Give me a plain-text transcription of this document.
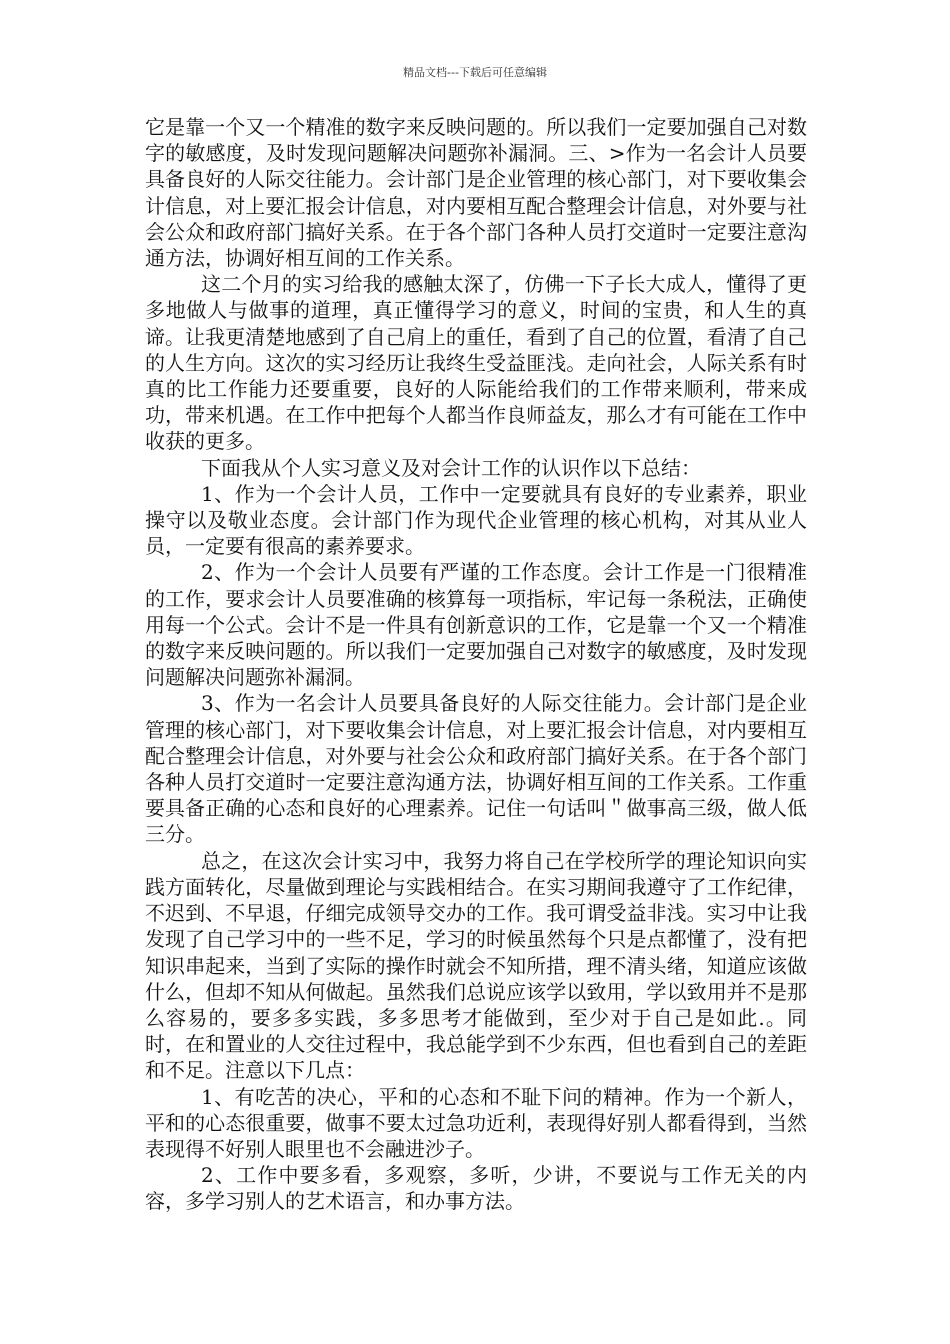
精品文档---下载后可任意编辑

它是靠一个又一个精准的数字来反映问题的。所以我们一定要加强自己对数字的敏感度，及时发现问题解决问题弥补漏洞。三、>作为一名会计人员要具备良好的人际交往能力。会计部门是企业管理的核心部门，对下要收集会计信息，对上要汇报会计信息，对内要相互配合整理会计信息，对外要与社会公众和政府部门搞好关系。在于各个部门各种人员打交道时一定要注意沟通方法，协调好相互间的工作关系。

这二个月的实习给我的感触太深了，仿佛一下子长大成人，懂得了更多地做人与做事的道理，真正懂得学习的意义，时间的宝贵，和人生的真谛。让我更清楚地感到了自己肩上的重任，看到了自己的位置，看清了自己的人生方向。这次的实习经历让我终生受益匪浅。走向社会，人际关系有时真的比工作能力还要重要，良好的人际能给我们的工作带来顺利，带来成功，带来机遇。在工作中把每个人都当作良师益友，那么才有可能在工作中收获的更多。

下面我从个人实习意义及对会计工作的认识作以下总结：

1、作为一个会计人员，工作中一定要就具有良好的专业素养，职业操守以及敬业态度。会计部门作为现代企业管理的核心机构，对其从业人员，一定要有很高的素养要求。

2、作为一个会计人员要有严谨的工作态度。会计工作是一门很精准的工作，要求会计人员要准确的核算每一项指标，牢记每一条税法，正确使用每一个公式。会计不是一件具有创新意识的工作，它是靠一个又一个精准的数字来反映问题的。所以我们一定要加强自己对数字的敏感度，及时发现问题解决问题弥补漏洞。

3、作为一名会计人员要具备良好的人际交往能力。会计部门是企业管理的核心部门，对下要收集会计信息，对上要汇报会计信息，对内要相互配合整理会计信息，对外要与社会公众和政府部门搞好关系。在于各个部门各种人员打交道时一定要注意沟通方法，协调好相互间的工作关系。工作重要具备正确的心态和良好的心理素养。记住一句话叫＂做事高三级，做人低三分。

总之，在这次会计实习中，我努力将自己在学校所学的理论知识向实践方面转化，尽量做到理论与实践相结合。在实习期间我遵守了工作纪律，不迟到、不早退，仔细完成领导交办的工作。我可谓受益非浅。实习中让我发现了自己学习中的一些不足，学习的时候虽然每个只是点都懂了，没有把知识串起来，当到了实际的操作时就会不知所措，理不清头绪，知道应该做什么，但却不知从何做起。虽然我们总说应该学以致用，学以致用并不是那么容易的，要多多实践，多多思考才能做到，至少对于自己是如此.。同时，在和置业的人交往过程中，我总能学到不少东西，但也看到自己的差距和不足。注意以下几点：

1、有吃苦的决心，平和的心态和不耻下问的精神。作为一个新人，平和的心态很重要，做事不要太过急功近利，表现得好别人都看得到，当然表现得不好别人眼里也不会融进沙子。

2、工作中要多看，多观察，多听，少讲，不要说与工作无关的内容，多学习别人的艺术语言，和办事方法。
